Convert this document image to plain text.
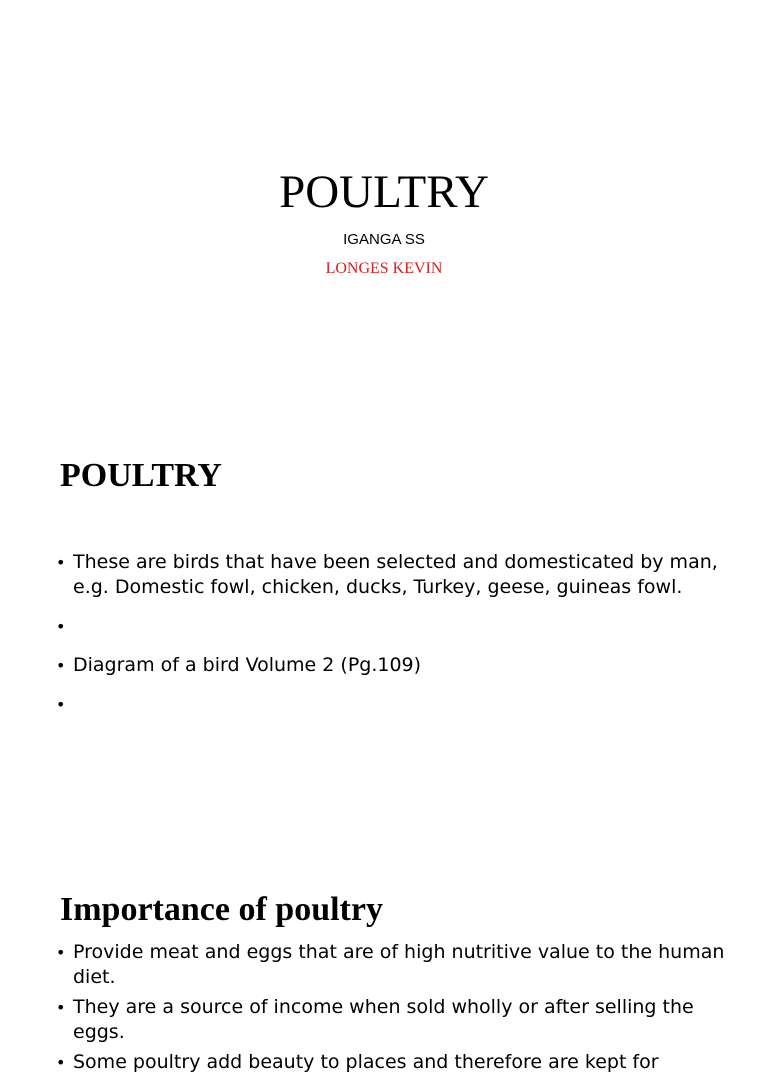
POULTRY

IGANGA SS

LONGES KEVIN

POULTRY
• These are birds that have been selected and domesticated by man, e.g. Domestic fowl, chicken, ducks, Turkey, geese, guineas fowl.
•
• Diagram of a bird Volume 2 (Pg.109)
•
Importance of poultry
• Provide meat and eggs that are of high nutritive value to the human diet.
• They are a source of income when sold wholly or after selling the eggs.
• Some poultry add beauty to places and therefore are kept for
